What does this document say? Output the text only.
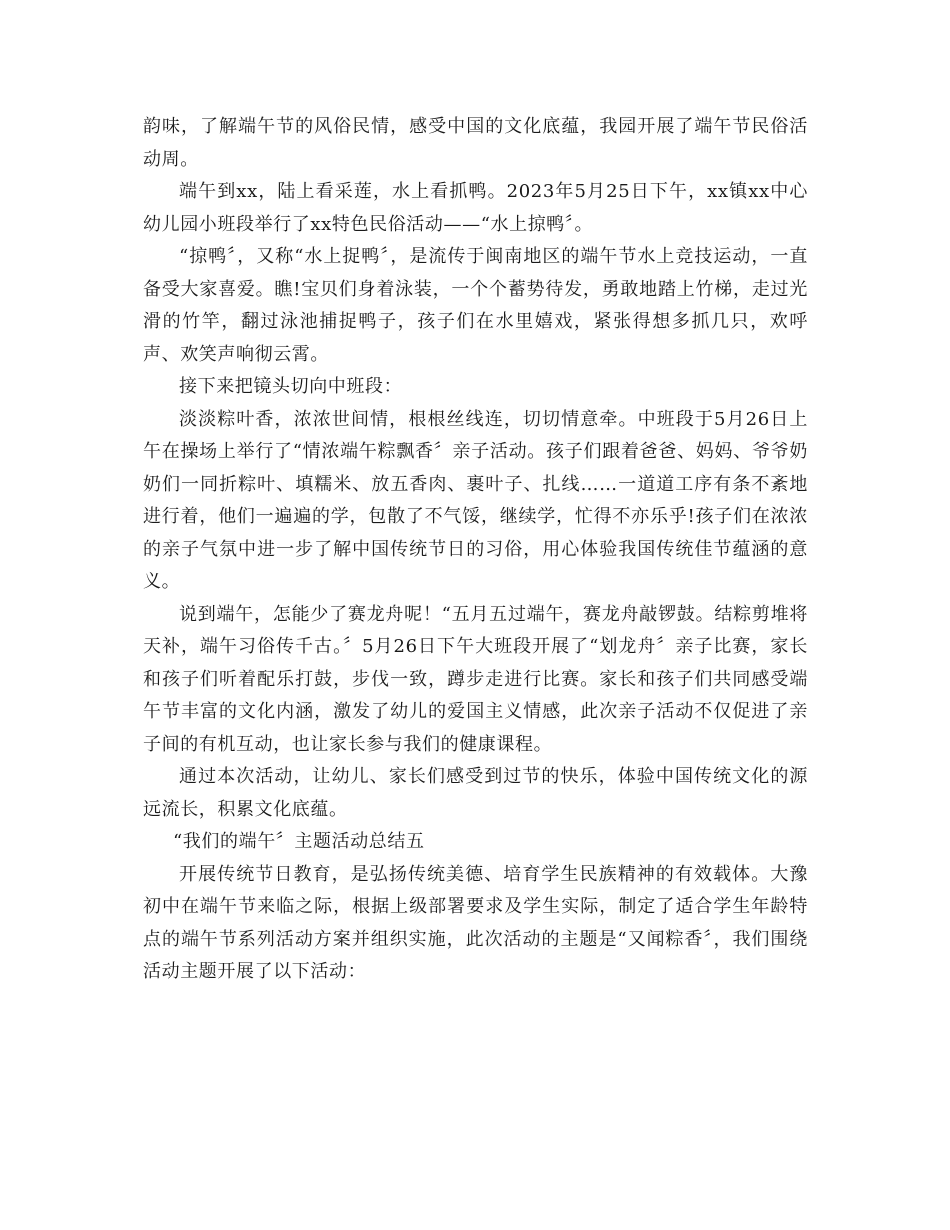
韵味，了解端午节的风俗民情，感受中国的文化底蕴，我园开展了端午节民俗活动周。

端午到xx，陆上看采莲，水上看抓鸭。2023年5月25日下午，xx镇xx中心幼儿园小班段举行了xx特色民俗活动——“水上掠鸭〞。

“掠鸭〞，又称“水上捉鸭〞，是流传于闽南地区的端午节水上竞技运动，一直备受大家喜爱。瞧!宝贝们身着泳装，一个个蓄势待发，勇敢地踏上竹梯，走过光滑的竹竿，翻过泳池捕捉鸭子，孩子们在水里嬉戏，紧张得想多抓几只，欢呼声、欢笑声响彻云霄。

接下来把镜头切向中班段：

淡淡粽叶香，浓浓世间情，根根丝线连，切切情意牵。中班段于5月26日上午在操场上举行了“情浓端午粽飘香〞亲子活动。孩子们跟着爸爸、妈妈、爷爷奶奶们一同折粽叶、填糯米、放五香肉、裹叶子、扎线……一道道工序有条不紊地进行着，他们一遍遍的学，包散了不气馁，继续学，忙得不亦乐乎!孩子们在浓浓的亲子气氛中进一步了解中国传统节日的习俗，用心体验我国传统佳节蕴涵的意义。

说到端午，怎能少了赛龙舟呢！“五月五过端午，赛龙舟敲锣鼓。结粽剪堆将天补，端午习俗传千古。〞5月26日下午大班段开展了“划龙舟〞亲子比赛，家长和孩子们听着配乐打鼓，步伐一致，蹲步走进行比赛。家长和孩子们共同感受端午节丰富的文化内涵，激发了幼儿的爱国主义情感，此次亲子活动不仅促进了亲子间的有机互动，也让家长参与我们的健康课程。

通过本次活动，让幼儿、家长们感受到过节的快乐，体验中国传统文化的源远流长，积累文化底蕴。

“我们的端午〞主题活动总结五

开展传统节日教育，是弘扬传统美德、培育学生民族精神的有效载体。大豫初中在端午节来临之际，根据上级部署要求及学生实际，制定了适合学生年龄特点的端午节系列活动方案并组织实施，此次活动的主题是“又闻粽香〞，我们围绕活动主题开展了以下活动：
